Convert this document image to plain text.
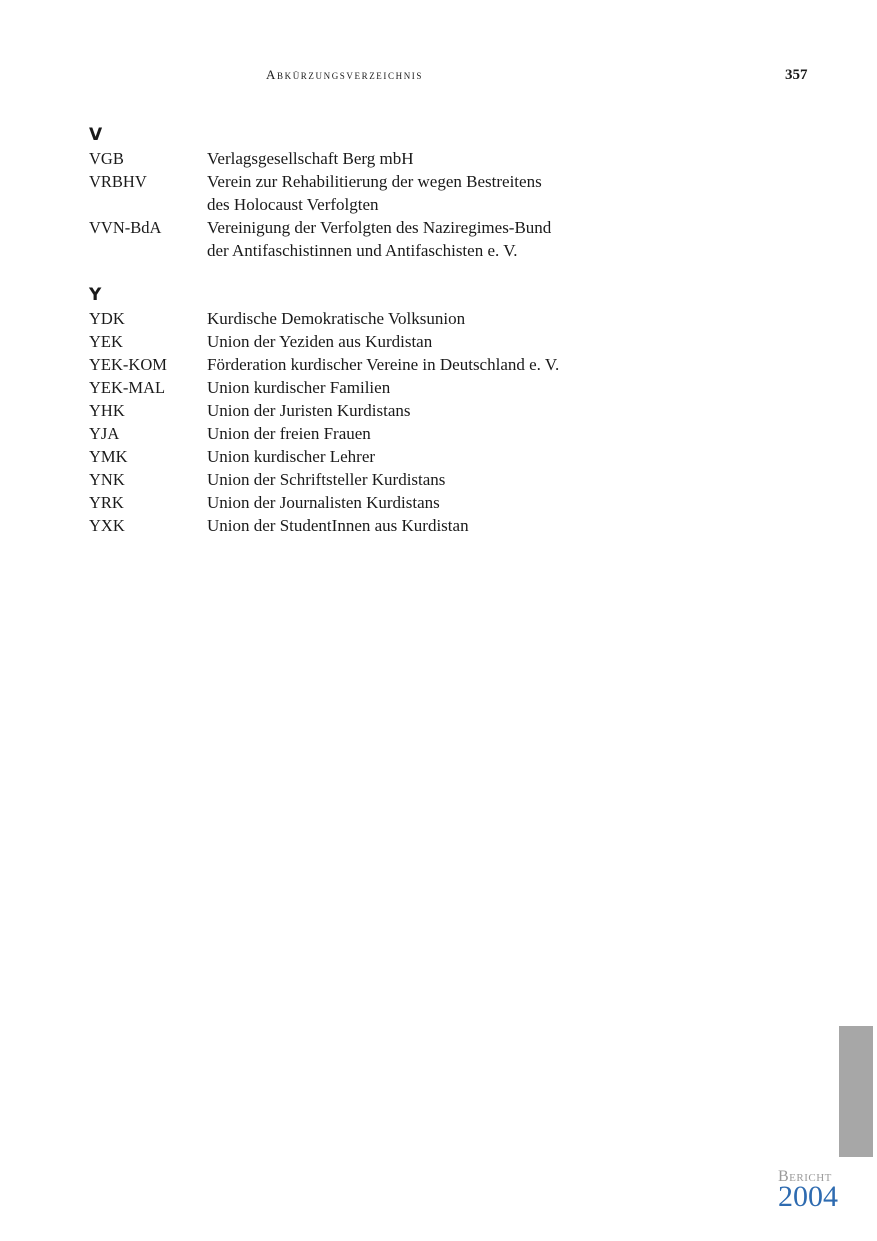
Abkürzungsverzeichnis	357
V
VGB	Verlagsgesellschaft Berg mbH
VRBHV	Verein zur Rehabilitierung der wegen Bestreitens
des Holocaust Verfolgten
VVN-BdA	Vereinigung der Verfolgten des Naziregimes-Bund
der Antifaschistinnen und Antifaschisten e. V.
Y
YDK	Kurdische Demokratische Volksunion
YEK	Union der Yeziden aus Kurdistan
YEK-KOM	Förderation kurdischer Vereine in Deutschland e. V.
YEK-MAL	Union kurdischer Familien
YHK	Union der Juristen Kurdistans
YJA	Union der freien Frauen
YMK	Union kurdischer Lehrer
YNK	Union der Schriftsteller Kurdistans
YRK	Union der Journalisten Kurdistans
YXK	Union der StudentInnen aus Kurdistan
Bericht
2004
